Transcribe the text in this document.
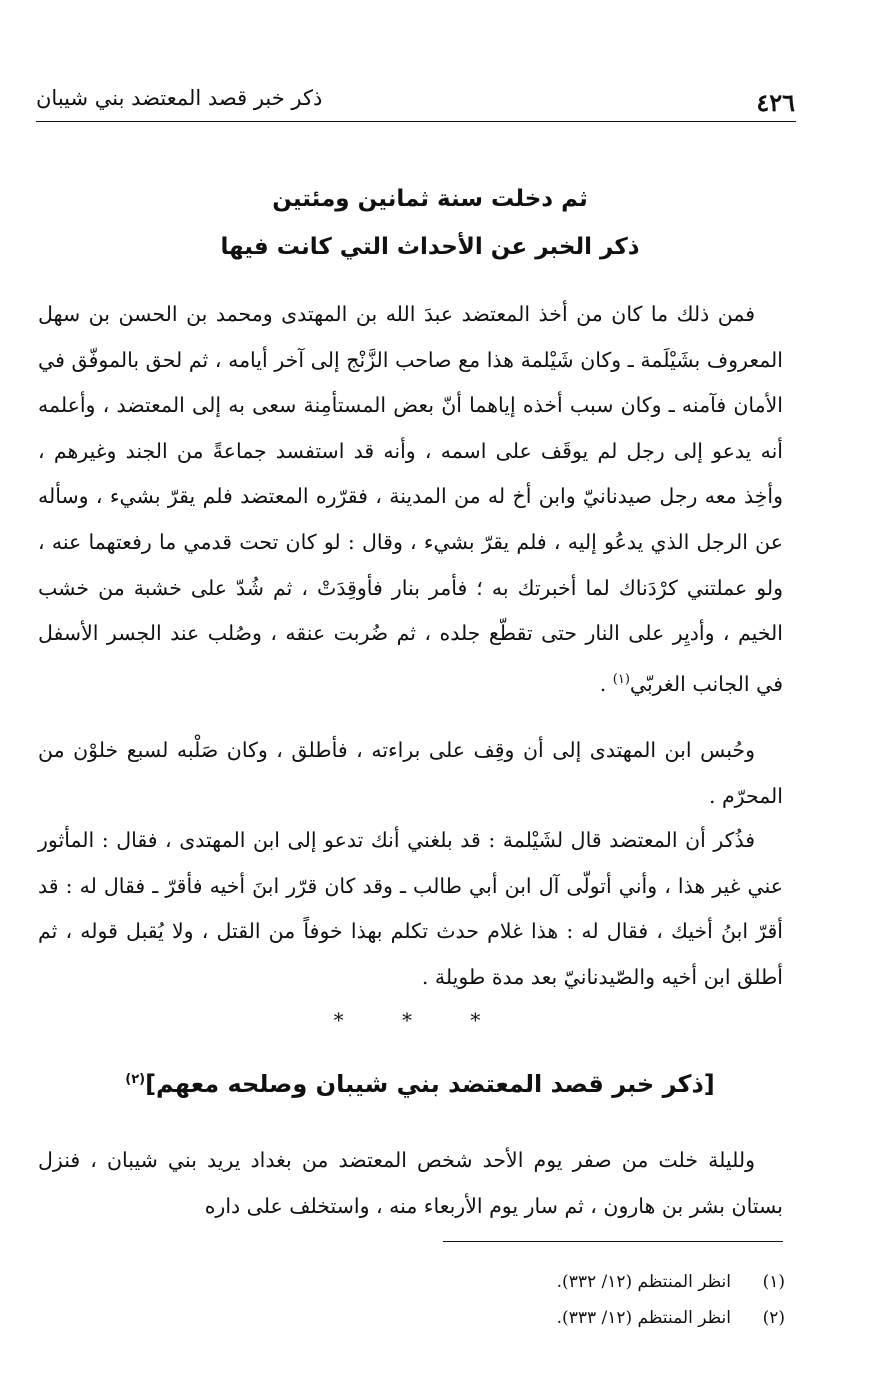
ذكر خبر قصد المعتضد بني شيبان	٤٢٦
ثم دخلت سنة ثمانين ومئتين
ذكر الخبر عن الأحداث التي كانت فيها
فمن ذلك ما كان من أخذ المعتضد عبدَ الله بن المهتدى ومحمد بن الحسن بن سهل المعروف بشَيْلَمة ـ وكان شَيْلمة هذا مع صاحب الزَّنْج إلى آخر أيامه ، ثم لحق بالموفّق في الأمان فآمنه ـ وكان سبب أخذه إياهما أنّ بعض المستأمِنة سعى به إلى المعتضد ، وأعلمه أنه يدعو إلى رجل لم يوقَف على اسمه ، وأنه قد استفسد جماعةً من الجند وغيرهم ، وأخِذ معه رجل صيدنانيّ وابن أخ له من المدينة ، فقرّره المعتضد فلم يقرّ بشيء ، وسأله عن الرجل الذي يدعُو إليه ، فلم يقرّ بشيء ، وقال : لو كان تحت قدمي ما رفعتهما عنه ، ولو عملتني كرْدَناك لما أخبرتك به ؛ فأمر بنار فأوقِدَتْ ، ثم شُدّ على خشبة من خشب الخيم ، وأديِر على النار حتى تقطّع جلده ، ثم ضُربت عنقه ، وصُلب عند الجسر الأسفل في الجانب الغربّي$^{(١)}$ .
وحُبس ابن المهتدى إلى أن وقِف على براءته ، فأطلق ، وكان صَلْبه لسبع خلوْن من المحرّم .
فذُكر أن المعتضد قال لشَيْلمة : قد بلغني أنك تدعو إلى ابن المهتدى ، فقال : المأثور عني غير هذا ، وأني أتولّى آل ابن أبي طالب ـ وقد كان قرّر ابنَ أخيه فأقرّ ـ فقال له : قد أقرّ ابنُ أخيك ، فقال له : هذا غلام حدث تكلم بهذا خوفاً من القتل ، ولا يُقبل قوله ، ثم أطلق ابن أخيه والصّيدنانيّ بعد مدة طويلة .
* * *
[ذكر خبر قصد المعتضد بني شيبان وصلحه معهم]$^{(٢)}$
ولليلة خلت من صفر يوم الأحد شخص المعتضد من بغداد يريد بني شيبان ، فنزل بستان بشر بن هارون ، ثم سار يوم الأربعاء منه ، واستخلف على داره
(١)انظر المنتظم (١٢/ ٣٣٢).
(٢)انظر المنتظم (١٢/ ٣٣٣).
